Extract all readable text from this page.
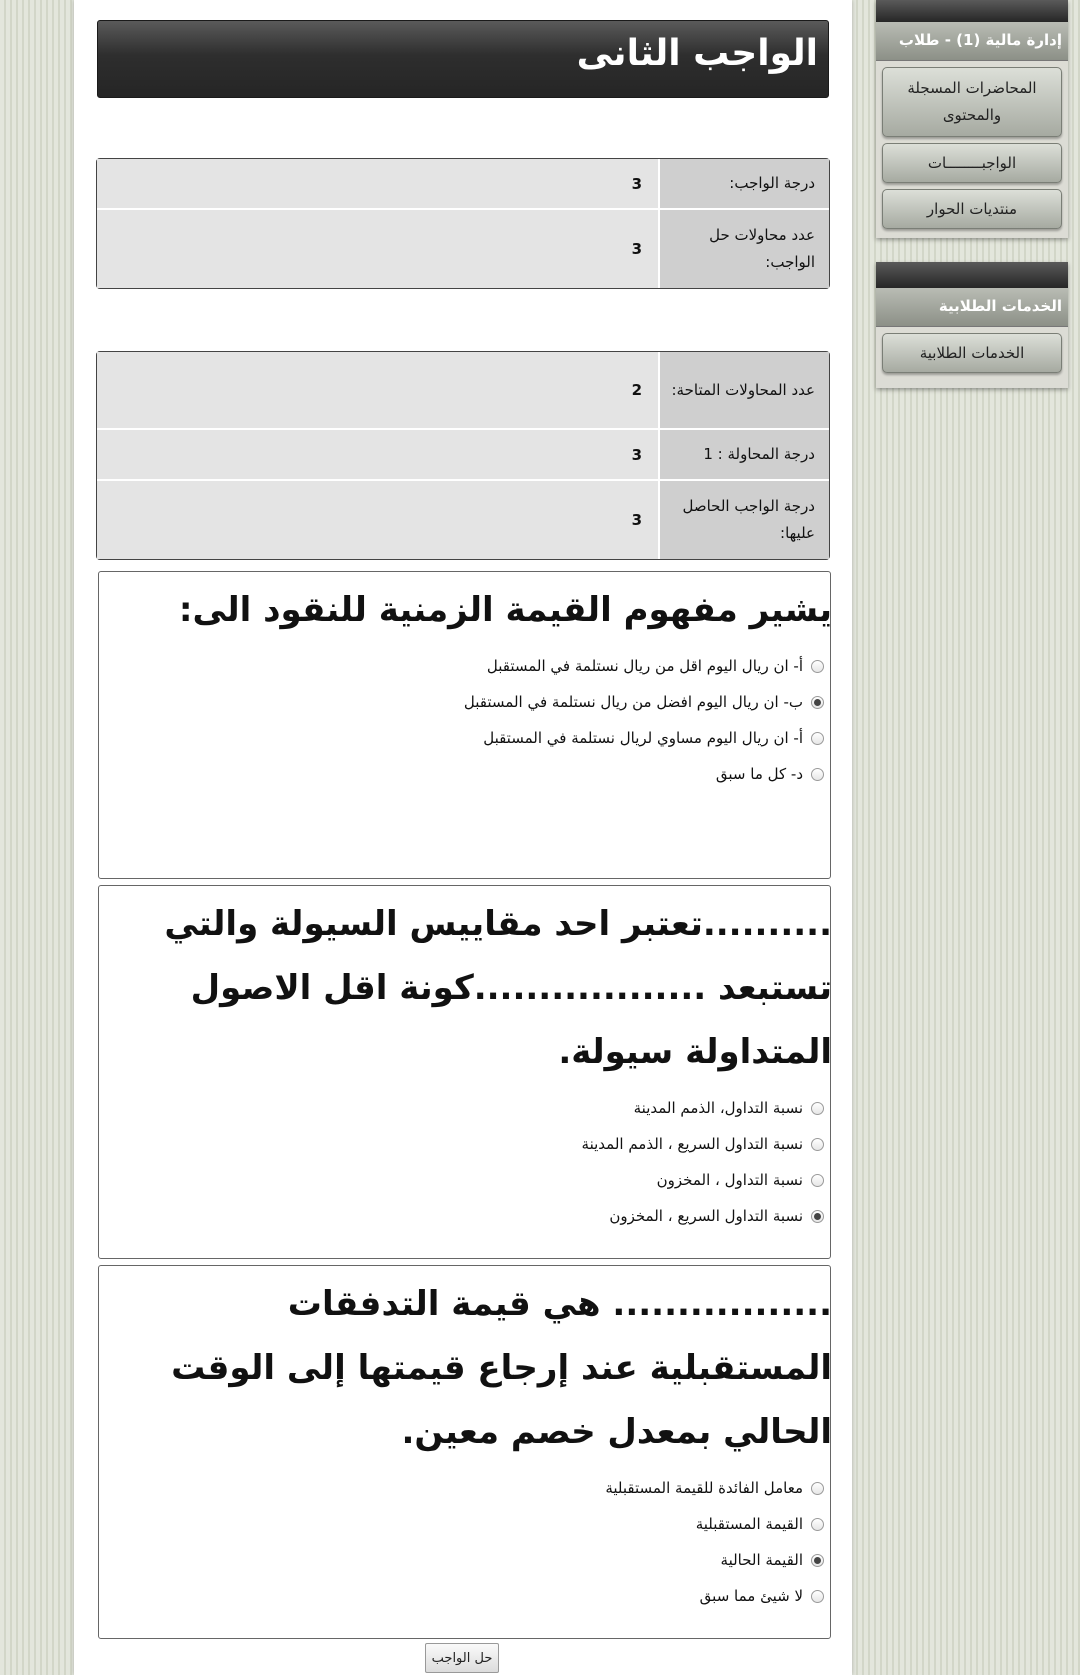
الواجب الثانى
درجة الواجب:	3
عدد محاولات حل الواجب:	3
عدد المحاولات المتاحة:	2
درجة المحاولة : 1	3
درجة الواجب الحاصل عليها:	3
يشير مفهوم القيمة الزمنية للنقود الى:
أ- ان ريال اليوم اقل من ريال نستلمة في المستقبل
ب- ان ريال اليوم افضل من ريال نستلمة في المستقبل
أ- ان ريال اليوم مساوي لريال نستلمة في المستقبل
د- كل ما سبق
..........تعتبر احد مقاييس السيولة والتي تستبعد ..................كونة اقل الاصول المتداولة سيولة.
نسبة التداول، الذمم المدينة
نسبة التداول السريع ، الذمم المدينة
نسبة التداول ، المخزون
نسبة التداول السريع ، المخزون
................. هي قيمة التدفقات المستقبلية عند إرجاع قيمتها إلى الوقت الحالي بمعدل خصم معين.
معامل الفائدة للقيمة المستقبلية
القيمة المستقبلية
القيمة الحالية
لا شيئ مما سبق
حل الواجب
إدارة مالية (1) - طلاب
المحاضرات المسجلة والمحتوى
الواجبــــــــات
منتديات الحوار
الخدمات الطلابية
الخدمات الطلابية
